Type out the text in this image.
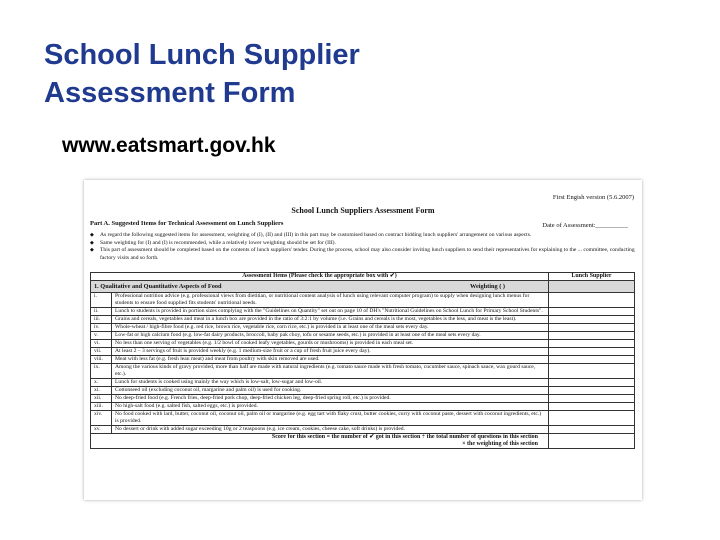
School Lunch Supplier
Assessment Form
www.eatsmart.gov.hk
First Engish version (5.6.2007)
School Lunch Suppliers Assessment Form
Part A. Suggested Items for Technical Assessment on Lunch Suppliers	Date of Assessment:__________
◆ As regard the following suggested items for assessment, weighting of (I), (II) and (III) in this part may be customised based on contract bidding lunch suppliers' arrangement on various aspects.
◆ Same weighting for (I) and (I) is recommended, while a relatively lower weighting should be set for (III).
◆ This part of assessment should be completed based on the contents of lunch suppliers' tender. During the process, school may also consider inviting lunch suppliers to send their representatives for explaining to the ... committee, conducting factory visits and so forth.
Assessment Items (Please check the appropriate box with ✔)		Lunch Supplier
1. Qualitative and Quantitative Aspects of Food Weighting ( )		

i.	Professional nutrition advice (e.g. professional views from dietitian, or nutritional content analysis of lunch using relevant computer program) to supply when designing lunch menus for students to ensure food supplied fits students' nutritional needs.	
ii.	Lunch to students is provided in portion sizes complying with the "Guidelines on Quantity" set out on page 10 of DH's "Nutritional Guidelines on School Lunch for Primary School Students".	
iii.	Grains and cereals, vegetables and meat in a lunch box are provided in the ratio of 3:2:1 by volume (i.e. Grains and cereals is the most, vegetables is the less, and meat is the least).	
iv.	Whole-wheat / high-fibre food (e.g. red rice, brown rice, vegetable rice, corn rice, etc.) is provided in at least one of the meal sets every day.	
v.	Low-fat or high calcium food (e.g. low-fat dairy products, broccoli, baby pak choy, tofu or sesame seeds, etc.) is provided in at least one of the meal sets every day.	
vi.	No less than one serving of vegetables (e.g. 1/2 bowl of cooked leafy vegetables, gourds or mushrooms) is provided in each meal set.	
vii.	At least 2 – 3 servings of fruit is provided weekly (e.g. 1 medium-size fruit or a cup of fresh fruit juice every day).	
viii.	Meat with less fat (e.g. fresh lean meat) and meat from poultry with skin removed are used.	
ix.	Among the various kinds of gravy provided, more than half are made with natural ingredients (e.g. tomato sauce made with fresh tomato, cucumber sauce, spinach sauce, wax gourd sauce, etc.).	
x.	Lunch for students is cooked using mainly the way which is low-salt, low-sugar and low-oil.	
xi.	Cottonseed oil (excluding coconut oil, margarine and palm oil) is used for cooking.	
xii.	No deep-fried food (e.g. French fries, deep-fried pork chop, deep-fried chicken leg, deep-fried spring roll, etc.) is provided.	
xiii.	No high-salt food (e.g. salted fish, salted eggs, etc.) is provided.	
xiv.	No food cooked with lard, butter, coconut oil, coconut oil, palm oil or margarine (e.g. egg tart with flaky crust, butter cookies, curry with coconut paste, dessert with coconut ingredients, etc.) is provided.	
xv.	No dessert or drink with added sugar exceeding 10g or 2 teaspoons (e.g. ice cream, cookies, cheese cake, soft drinks) is provided.	

Score for this section = the number of ✔ got in this section ÷ the total number of questions in this section
× the weighting of this section		
